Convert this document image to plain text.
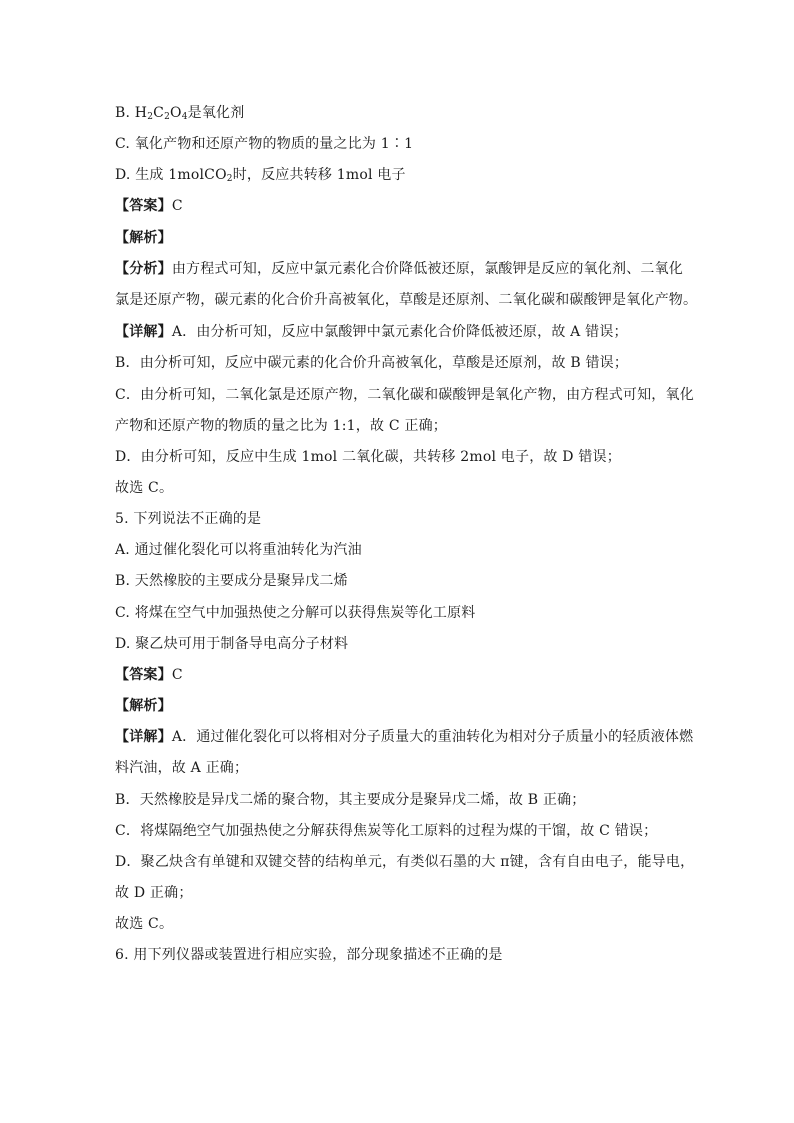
B. $H_2C_2O_4$是氧化剂
C. 氧化产物和还原产物的物质的量之比为 1∶1
D. 生成 1molCO$_2$时，反应共转移 1mol 电子
【答案】C
【解析】
【分析】由方程式可知，反应中氯元素化合价降低被还原，氯酸钾是反应的氧化剂、二氧化
氯是还原产物，碳元素的化合价升高被氧化，草酸是还原剂、二氧化碳和碳酸钾是氧化产物。
【详解】A．由分析可知，反应中氯酸钾中氯元素化合价降低被还原，故 A 错误；
B．由分析可知，反应中碳元素的化合价升高被氧化，草酸是还原剂，故 B 错误；
C．由分析可知，二氧化氯是还原产物，二氧化碳和碳酸钾是氧化产物，由方程式可知，氧化
产物和还原产物的物质的量之比为 1:1，故 C 正确；
D．由分析可知，反应中生成 1mol 二氧化碳，共转移 2mol 电子，故 D 错误；
故选 C。
5. 下列说法不正确的是
A. 通过催化裂化可以将重油转化为汽油
B. 天然橡胶的主要成分是聚异戊二烯
C. 将煤在空气中加强热使之分解可以获得焦炭等化工原料
D. 聚乙炔可用于制备导电高分子材料
【答案】C
【解析】
【详解】A．通过催化裂化可以将相对分子质量大的重油转化为相对分子质量小的轻质液体燃
料汽油，故 A 正确；
B．天然橡胶是异戊二烯的聚合物，其主要成分是聚异戊二烯，故 B 正确；
C．将煤隔绝空气加强热使之分解获得焦炭等化工原料的过程为煤的干馏，故 C 错误；
D．聚乙炔含有单键和双键交替的结构单元，有类似石墨的大 π键，含有自由电子，能导电，
故 D 正确；
故选 C。
6. 用下列仪器或装置进行相应实验，部分现象描述不正确的是
